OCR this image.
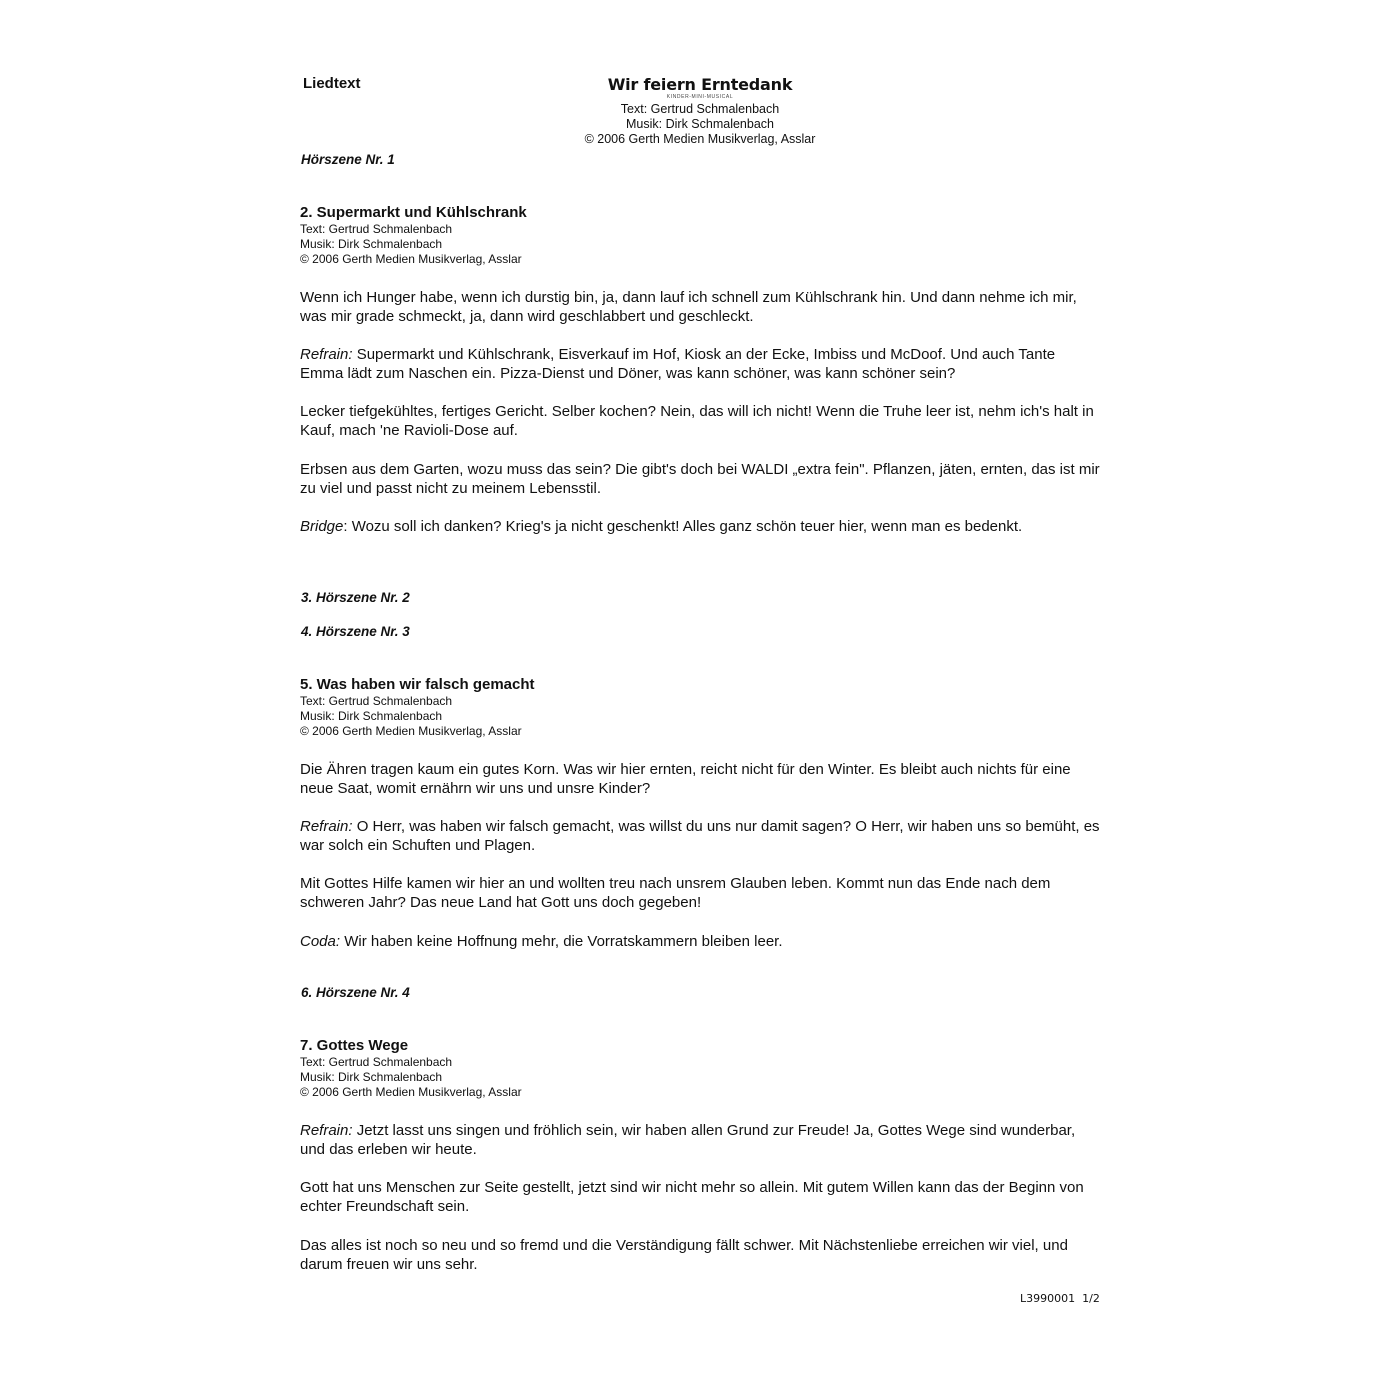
Liedtext	Wir feiern Erntedank
KINDER-MINI-MUSICAL
Text: Gertrud Schmalenbach
Musik: Dirk Schmalenbach
© 2006 Gerth Medien Musikverlag, Asslar
Hörszene Nr. 1
2. Supermarkt und Kühlschrank
Text: Gertrud Schmalenbach
Musik: Dirk Schmalenbach
© 2006 Gerth Medien Musikverlag, Asslar

Wenn ich Hunger habe, wenn ich durstig bin, ja, dann lauf ich schnell zum Kühlschrank hin. Und dann nehme ich mir, was mir grade schmeckt, ja, dann wird geschlabbert und geschleckt.

Refrain: Supermarkt und Kühlschrank, Eisverkauf im Hof, Kiosk an der Ecke, Imbiss und McDoof. Und auch Tante Emma lädt zum Naschen ein. Pizza-Dienst und Döner, was kann schöner, was kann schöner sein?

Lecker tiefgekühltes, fertiges Gericht. Selber kochen? Nein, das will ich nicht! Wenn die Truhe leer ist, nehm ich's halt in Kauf, mach 'ne Ravioli-Dose auf.

Erbsen aus dem Garten, wozu muss das sein? Die gibt's doch bei WALDI „extra fein". Pflanzen, jäten, ernten, das ist mir zu viel und passt nicht zu meinem Lebensstil.

Bridge: Wozu soll ich danken? Krieg's ja nicht geschenkt! Alles ganz schön teuer hier, wenn man es bedenkt.

3. Hörszene Nr. 2
4. Hörszene Nr. 3
5. Was haben wir falsch gemacht
Text: Gertrud Schmalenbach
Musik: Dirk Schmalenbach
© 2006 Gerth Medien Musikverlag, Asslar

Die Ähren tragen kaum ein gutes Korn. Was wir hier ernten, reicht nicht für den Winter. Es bleibt auch nichts für eine neue Saat, womit ernährn wir uns und unsre Kinder?

Refrain: O Herr, was haben wir falsch gemacht, was willst du uns nur damit sagen? O Herr, wir haben uns so bemüht, es war solch ein Schuften und Plagen.

Mit Gottes Hilfe kamen wir hier an und wollten treu nach unsrem Glauben leben. Kommt nun das Ende nach dem schweren Jahr? Das neue Land hat Gott uns doch gegeben!

Coda: Wir haben keine Hoffnung mehr, die Vorratskammern bleiben leer.

6. Hörszene Nr. 4
7. Gottes Wege
Text: Gertrud Schmalenbach
Musik: Dirk Schmalenbach
© 2006 Gerth Medien Musikverlag, Asslar

Refrain: Jetzt lasst uns singen und fröhlich sein, wir haben allen Grund zur Freude! Ja, Gottes Wege sind wunderbar, und das erleben wir heute.

Gott hat uns Menschen zur Seite gestellt, jetzt sind wir nicht mehr so allein. Mit gutem Willen kann das der Beginn von echter Freundschaft sein.

Das alles ist noch so neu und so fremd und die Verständigung fällt schwer. Mit Nächstenliebe erreichen wir viel, und darum freuen wir uns sehr.

L3990001 1/2
